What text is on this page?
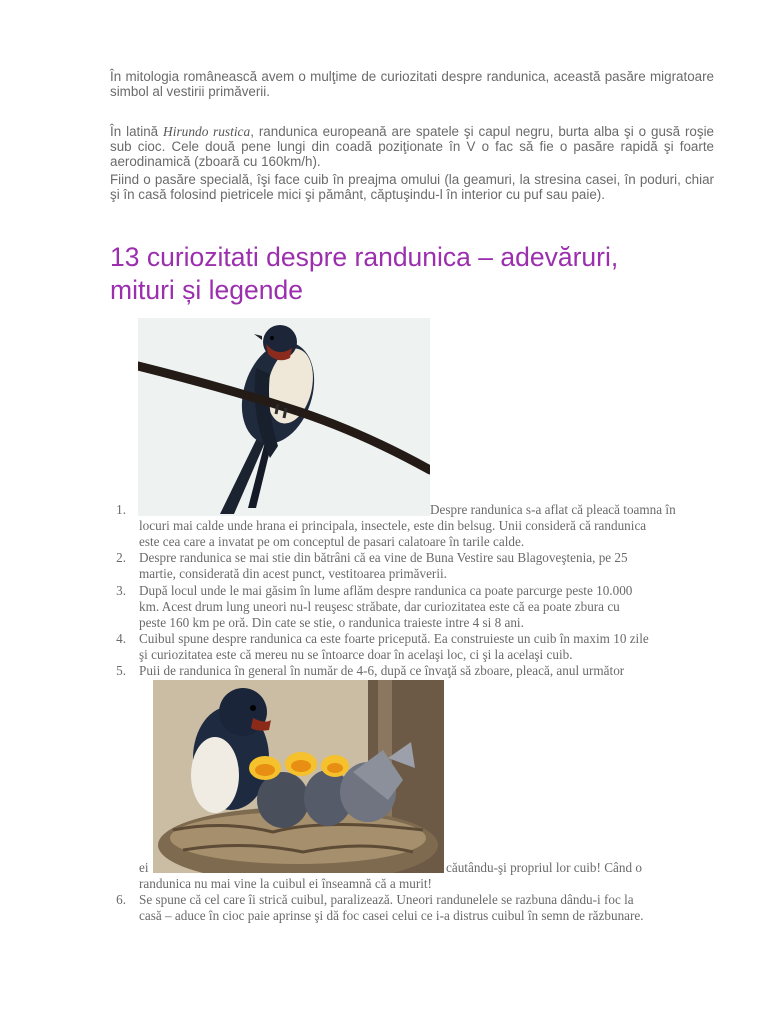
În mitologia românească avem o mulţime de curiozitati despre randunica, această pasăre migratoare simbol al vestirii primăverii.

În latină Hirundo rustica, randunica europeană are spatele şi capul negru, burta alba şi o gusă roşie sub cioc. Cele două pene lungi din coadă poziţionate în V o fac să fie o pasăre rapidă şi foarte aerodinamică (zboară cu 160km/h).

Fiind o pasăre specială, îşi face cuib în preajma omului (la geamuri, la stresina casei, în poduri, chiar şi în casă folosind pietricele mici şi pământ, căptuşindu-l în interior cu puf sau paie).

13 curiozitati despre randunica – adevăruri,
mituri și legende
1.	Despre randunica s-a aflat că pleacă toamna în
locuri mai calde unde hrana ei principala, insectele, este din belsug. Unii consideră că randunica
este cea care a invatat pe om conceptul de pasari calatoare în tarile calde.
2. Despre randunica se mai stie din bătrâni că ea vine de Buna Vestire sau Blagoveştenia, pe 25
martie, considerată din acest punct, vestitoarea primăverii.
3. După locul unde le mai găsim în lume aflăm despre randunica ca poate parcurge peste 10.000
km. Acest drum lung uneori nu-l reuşesc străbate, dar curiozitatea este că ea poate zbura cu
peste 160 km pe oră. Din cate se stie, o randunica traieste intre 4 si 8 ani.
4. Cuibul spune despre randunica ca este foarte pricepută. Ea construieste un cuib în maxim 10 zile
şi curiozitatea este că mereu nu se întoarce doar în acelaşi loc, ci şi la acelaşi cuib.
5. Puii de randunica în general în număr de 4-6, după ce învaţă să zboare, pleacă, anul următor
ei	căutându-şi propriul lor cuib! Când o
randunica nu mai vine la cuibul ei înseamnă că a murit!
6. Se spune că cel care îi strică cuibul, paralizează. Uneori randunelele se razbuna dându-i foc la
casă – aduce în cioc paie aprinse şi dă foc casei celui ce i-a distrus cuibul în semn de răzbunare.
